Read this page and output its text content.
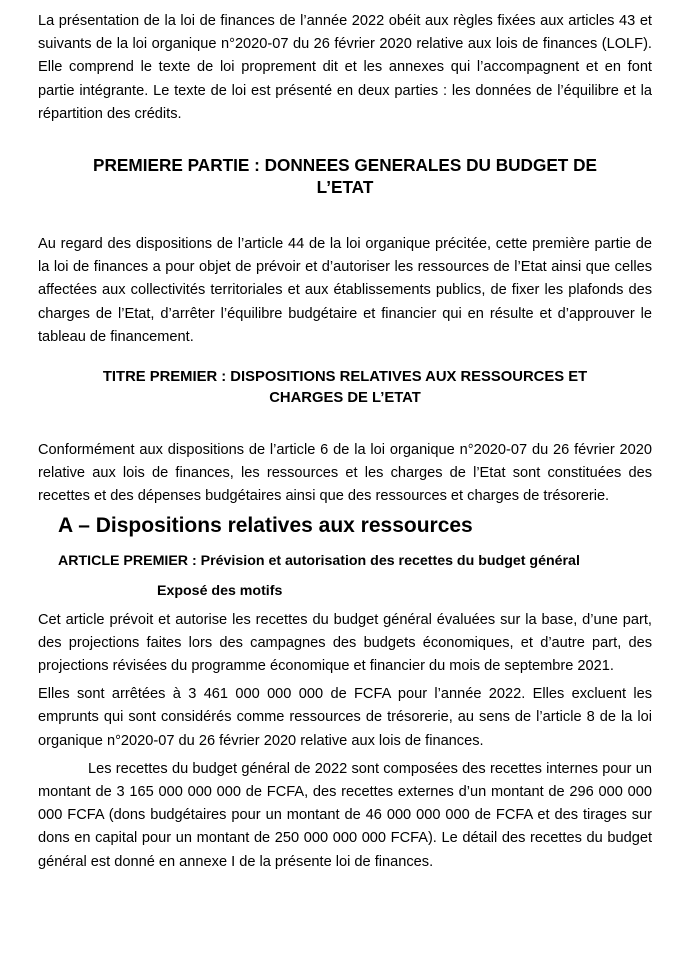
La présentation de la loi de finances de l’année 2022 obéit aux règles fixées aux articles 43 et suivants de la loi organique n°2020-07 du 26 février 2020 relative aux lois de finances (LOLF). Elle comprend le texte de loi proprement dit et les annexes qui l’accompagnent et en font partie intégrante. Le texte de loi est présenté en deux parties : les données de l’équilibre et la répartition des crédits.

PREMIERE PARTIE : DONNEES GENERALES DU BUDGET DE
L’ETAT

Au regard des dispositions de l’article 44 de la loi organique précitée, cette première partie de la loi de finances a pour objet de prévoir et d’autoriser les ressources de l’Etat ainsi que celles affectées aux collectivités territoriales et aux établissements publics, de fixer les plafonds des charges de l’Etat, d’arrêter l’équilibre budgétaire et financier qui en résulte et d’approuver le tableau de financement.

TITRE PREMIER : DISPOSITIONS RELATIVES AUX RESSOURCES ET
CHARGES DE L’ETAT

Conformément aux dispositions de l’article 6 de la loi organique n°2020-07 du 26 février 2020 relative aux lois de finances, les ressources et les charges de l’Etat sont constituées des recettes et des dépenses budgétaires ainsi que des ressources et charges de trésorerie.

A – Dispositions relatives aux ressources
ARTICLE PREMIER : Prévision et autorisation des recettes du budget général
Exposé des motifs

Cet article prévoit et autorise les recettes du budget général évaluées sur la base, d’une part, des projections faites lors des campagnes des budgets économiques, et d’autre part, des projections révisées du programme économique et financier du mois de septembre 2021.

Elles sont arrêtées à 3 461 000 000 000 de FCFA pour l’année 2022. Elles excluent les emprunts qui sont considérés comme ressources de trésorerie, au sens de l’article 8 de la loi organique n°2020-07 du 26 février 2020 relative aux lois de finances.

Les recettes du budget général de 2022 sont composées des recettes internes pour un montant de 3 165 000 000 000 de FCFA, des recettes externes d’un montant de 296 000 000 000 FCFA (dons budgétaires pour un montant de 46 000 000 000 de FCFA et des tirages sur dons en capital pour un montant de 250 000 000 000 FCFA). Le détail des recettes du budget général est donné en annexe I de la présente loi de finances.
